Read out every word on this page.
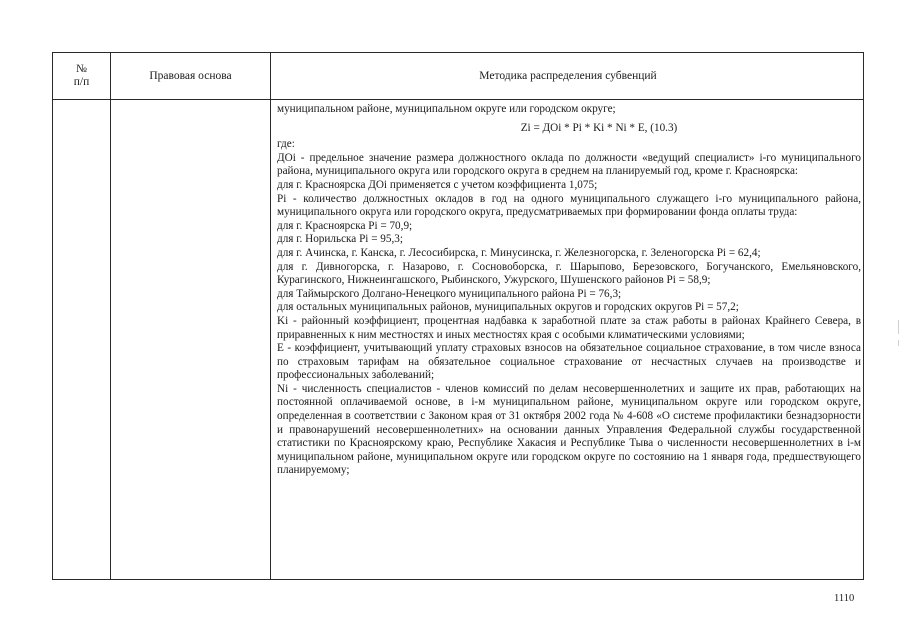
№
п/п
Правовая основа	Методика распределения субвенций

муниципальном районе, муниципальном округе или городском округе;

Zi = ДОi * Pi * Ki * Ni * E, (10.3)

где:

ДОi - предельное значение размера должностного оклада по должности «ведущий специалист» i-го муниципального района, муниципального округа или городского округа в среднем на планируемый год, кроме г. Красноярска:

для г. Красноярска ДОi применяется с учетом коэффициента 1,075;

Pi - количество должностных окладов в год на одного муниципального служащего i-го муниципального района, муниципального округа или городского округа, предусматриваемых при формировании фонда оплаты труда:

для г. Красноярска Pi = 70,9;

для г. Норильска Pi = 95,3;

для г. Ачинска, г. Канска, г. Лесосибирска, г. Минусинска, г. Железногорска, г. Зеленогорска Pi = 62,4;

для г. Дивногорска, г. Назарово, г. Сосновоборска, г. Шарыпово, Березовского, Богучанского, Емельяновского, Курагинского, Нижнеингашского, Рыбинского, Ужурского, Шушенского районов Pi = 58,9;

для Таймырского Долгано-Ненецкого муниципального района Pi = 76,3;

для остальных муниципальных районов, муниципальных округов и городских округов Pi = 57,2;

Ki - районный коэффициент, процентная надбавка к заработной плате за стаж работы в районах Крайнего Севера, в приравненных к ним местностях и иных местностях края с особыми климатическими условиями;

E - коэффициент, учитывающий уплату страховых взносов на обязательное социальное страхование, в том числе взноса по страховым тарифам на обязательное социальное страхование от несчастных случаев на производстве и профессиональных заболеваний;

Ni - численность специалистов - членов комиссий по делам несовершеннолетних и защите их прав, работающих на постоянной оплачиваемой основе, в i-м муниципальном районе, муниципальном округе или городском округе, определенная в соответствии с Законом края от 31 октября 2002 года № 4-608 «О системе профилактики безнадзорности и правонарушений несовершеннолетних» на основании данных Управления Федеральной службы государственной статистики по Красноярскому краю, Республике Хакасия и Республике Тыва о численности несовершеннолетних в i-м муниципальном районе, муниципальном округе или городском округе по состоянию на 1 января года, предшествующего планируемому;

1110
